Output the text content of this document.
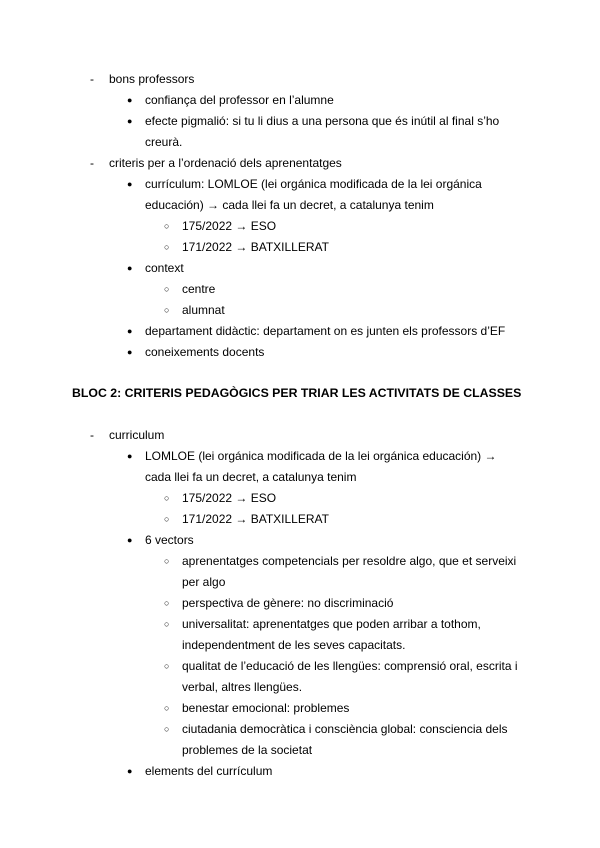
- bons professors
● confiança del professor en l’alumne
● efecte pigmalió: si tu li dius a una persona que és inútil al final s’ho
creurà.
- criteris per a l’ordenació dels aprenentatges
● currículum: LOMLOE (lei orgánica modificada de la lei orgánica
educación) → cada llei fa un decret, a catalunya tenim
○ 175/2022 → ESO
○ 171/2022 → BATXILLERAT
● context
○ centre
○ alumnat
● departament didàctic: departament on es junten els professors d’EF
● coneixements docents
BLOC 2: CRITERIS PEDAGÒGICS PER TRIAR LES ACTIVITATS DE CLASSES
- curriculum
● LOMLOE (lei orgánica modificada de la lei orgánica educación) →
cada llei fa un decret, a catalunya tenim
○ 175/2022 → ESO
○ 171/2022 → BATXILLERAT
● 6 vectors
○ aprenentatges competencials per resoldre algo, que et serveixi
per algo
○ perspectiva de gènere: no discriminació
○ universalitat: aprenentatges que poden arribar a tothom,
independentment de les seves capacitats.
○ qualitat de l’educació de les llengües: comprensió oral, escrita i
verbal, altres llengües.
○ benestar emocional: problemes
○ ciutadania democràtica i consciència global: consciencia dels
problemes de la societat
● elements del currículum
